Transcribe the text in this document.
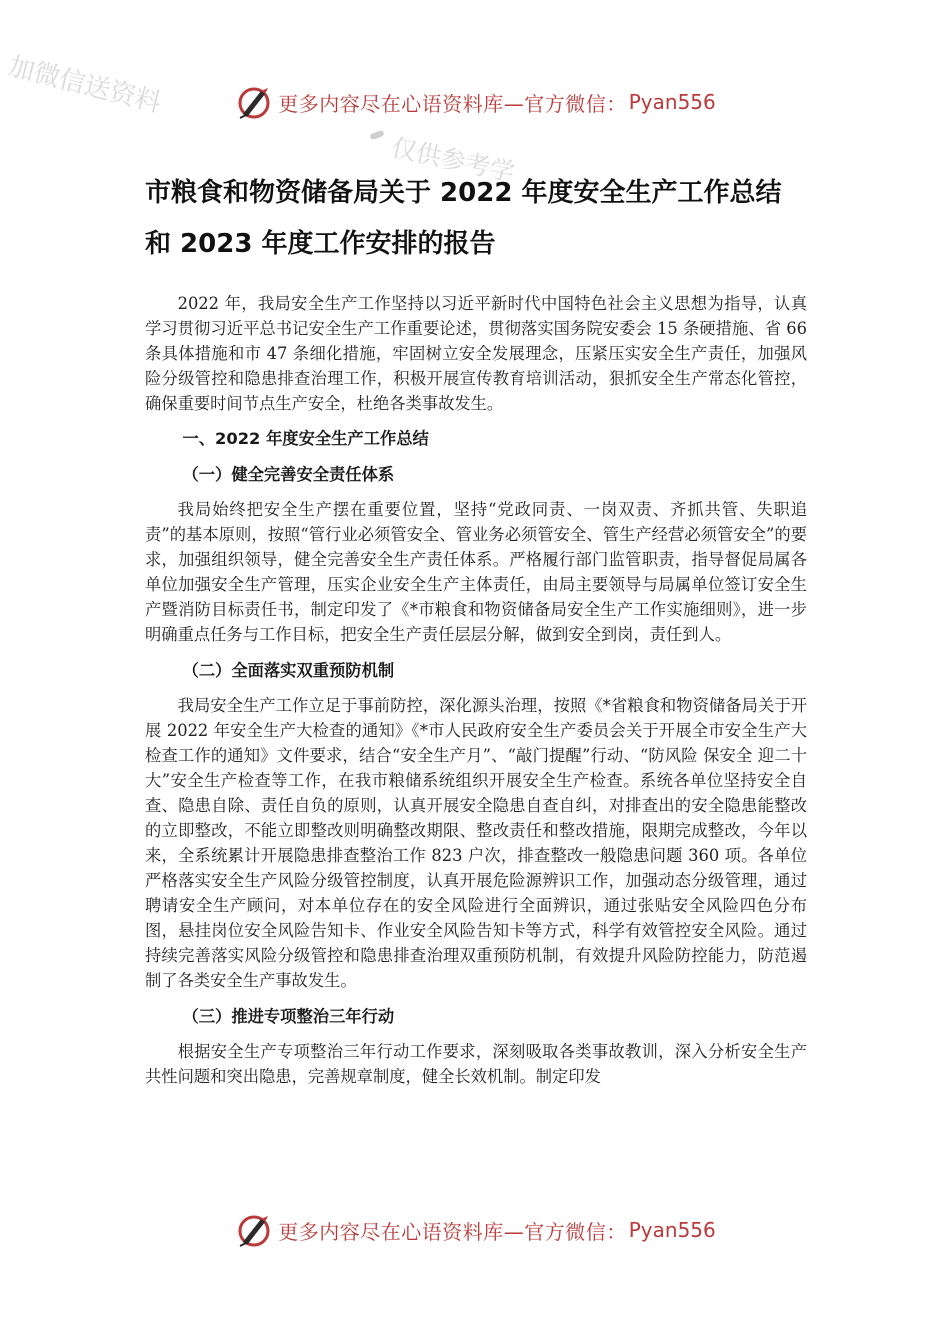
加微信送资料
仅供参考学
更多内容尽在心语资料库—官方微信： Pyan556
市粮食和物资储备局关于 2022 年度安全生产工作总结和 2023 年度工作安排的报告

2022 年，我局安全生产工作坚持以习近平新时代中国特色社会主义思想为指导，认真学习贯彻习近平总书记安全生产工作重要论述，贯彻落实国务院安委会 15 条硬措施、省 66 条具体措施和市 47 条细化措施，牢固树立安全发展理念，压紧压实安全生产责任，加强风险分级管控和隐患排查治理工作，积极开展宣传教育培训活动，狠抓安全生产常态化管控，确保重要时间节点生产安全，杜绝各类事故发生。

一、2022 年度安全生产工作总结
（一）健全完善安全责任体系

我局始终把安全生产摆在重要位置，坚持“党政同责、一岗双责、齐抓共管、失职追责”的基本原则，按照“管行业必须管安全、管业务必须管安全、管生产经营必须管安全”的要求，加强组织领导，健全完善安全生产责任体系。严格履行部门监管职责，指导督促局属各单位加强安全生产管理，压实企业安全生产主体责任，由局主要领导与局属单位签订安全生产暨消防目标责任书，制定印发了《*市粮食和物资储备局安全生产工作实施细则》，进一步明确重点任务与工作目标，把安全生产责任层层分解，做到安全到岗，责任到人。

（二）全面落实双重预防机制

我局安全生产工作立足于事前防控，深化源头治理，按照《*省粮食和物资储备局关于开展 2022 年安全生产大检查的通知》《*市人民政府安全生产委员会关于开展全市安全生产大检查工作的通知》文件要求，结合“安全生产月”、“敲门提醒”行动、“防风险 保安全 迎二十大”安全生产检查等工作，在我市粮储系统组织开展安全生产检查。系统各单位坚持安全自查、隐患自除、责任自负的原则，认真开展安全隐患自查自纠，对排查出的安全隐患能整改的立即整改，不能立即整改则明确整改期限、整改责任和整改措施，限期完成整改，今年以来，全系统累计开展隐患排查整治工作 823 户次，排查整改一般隐患问题 360 项。各单位严格落实安全生产风险分级管控制度，认真开展危险源辨识工作，加强动态分级管理，通过聘请安全生产顾问，对本单位存在的安全风险进行全面辨识，通过张贴安全风险四色分布图，悬挂岗位安全风险告知卡、作业安全风险告知卡等方式，科学有效管控安全风险。通过持续完善落实风险分级管控和隐患排查治理双重预防机制，有效提升风险防控能力，防范遏制了各类安全生产事故发生。

（三）推进专项整治三年行动

根据安全生产专项整治三年行动工作要求，深刻吸取各类事故教训，深入分析安全生产共性问题和突出隐患，完善规章制度，健全长效机制。制定印发

更多内容尽在心语资料库—官方微信： Pyan556
